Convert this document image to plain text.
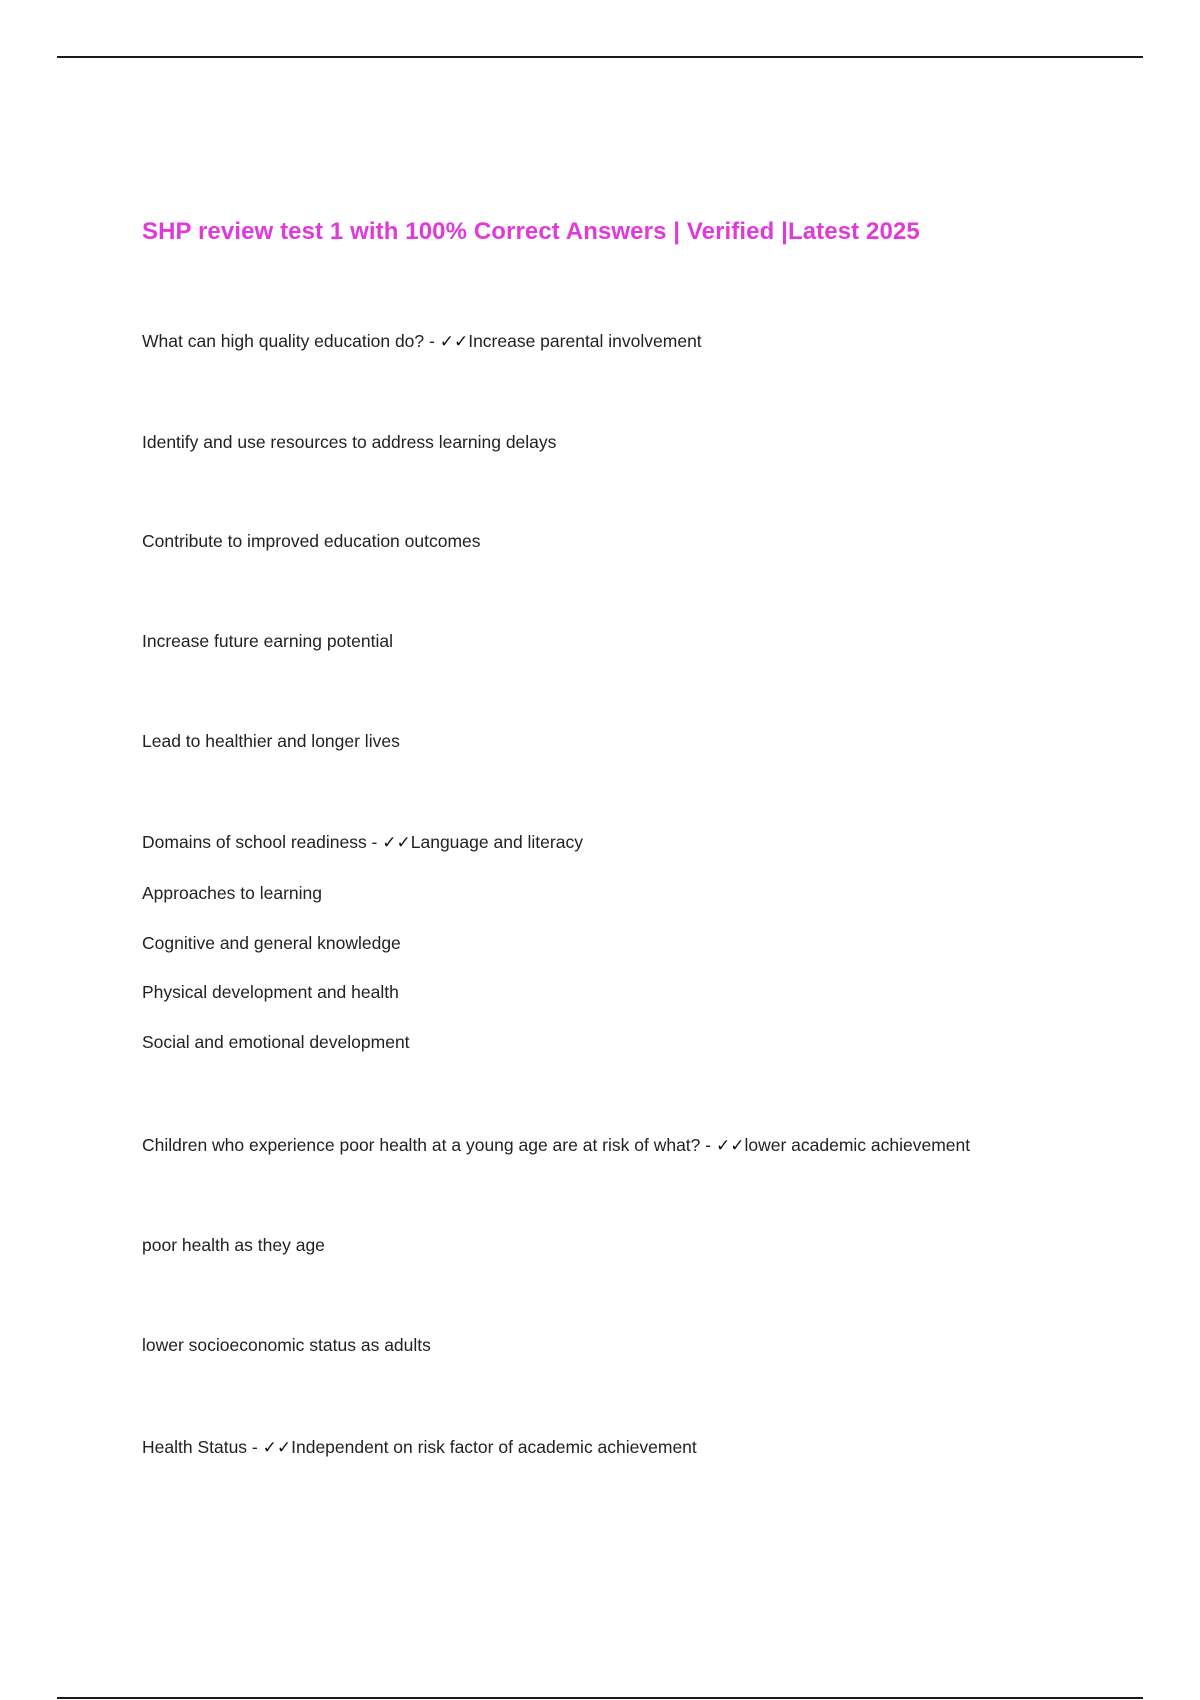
SHP review test 1 with 100% Correct Answers | Verified |Latest 2025
What can high quality education do? - ✓✓Increase parental involvement
Identify and use resources to address learning delays
Contribute to improved education outcomes
Increase future earning potential
Lead to healthier and longer lives
Domains of school readiness - ✓✓Language and literacy
Approaches to learning
Cognitive and general knowledge
Physical development and health
Social and emotional development
Children who experience poor health at a young age are at risk of what? - ✓✓lower academic achievement
poor health as they age
lower socioeconomic status as adults
Health Status - ✓✓Independent on risk factor of academic achievement
